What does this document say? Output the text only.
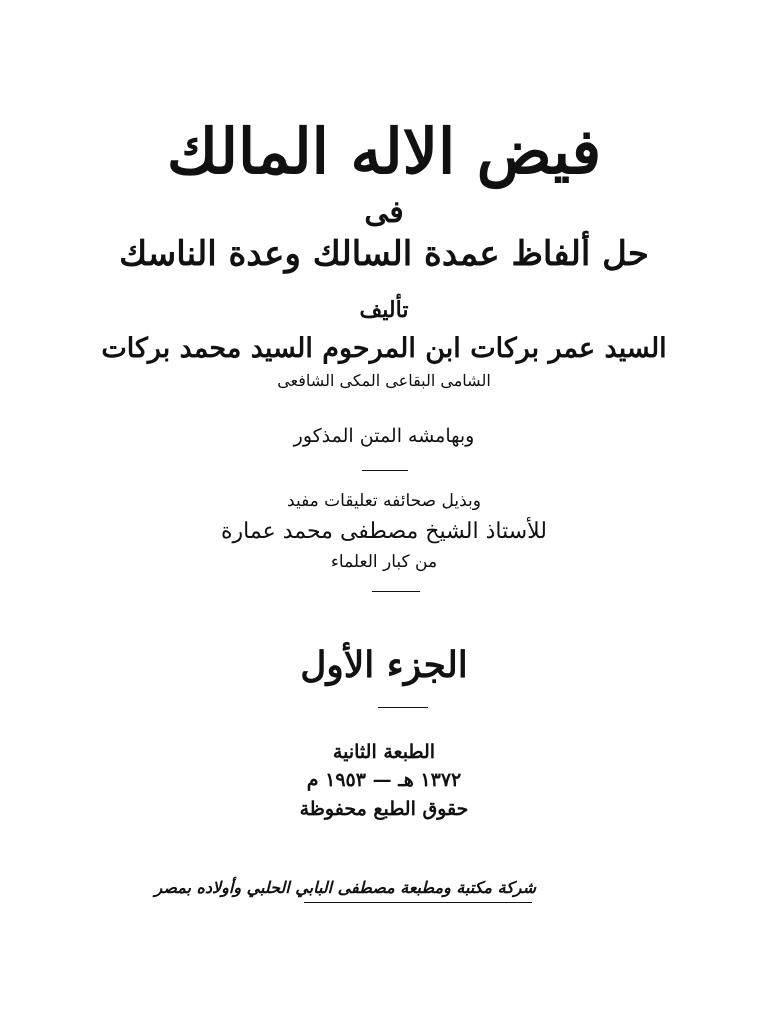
فيض الاله المالك
فى
حل ألفاظ عمدة السالك وعدة الناسك
تأليف
السيد عمر بركات ابن المرحوم السيد محمد بركات
الشامى البقاعى المكى الشافعى
وبهامشه المتن المذكور
وبذيل صحائفه تعليقات مفيد
للأستاذ الشيخ مصطفى محمد عمارة
من كبار العلماء
الجزء الأول
الطبعة الثانية
١٣٧٢ هـ — ١٩٥٣ م
حقوق الطبع محفوظة
شركة مكتبة ومطبعة مصطفى البابي الحلبي وأولاده بمصر
